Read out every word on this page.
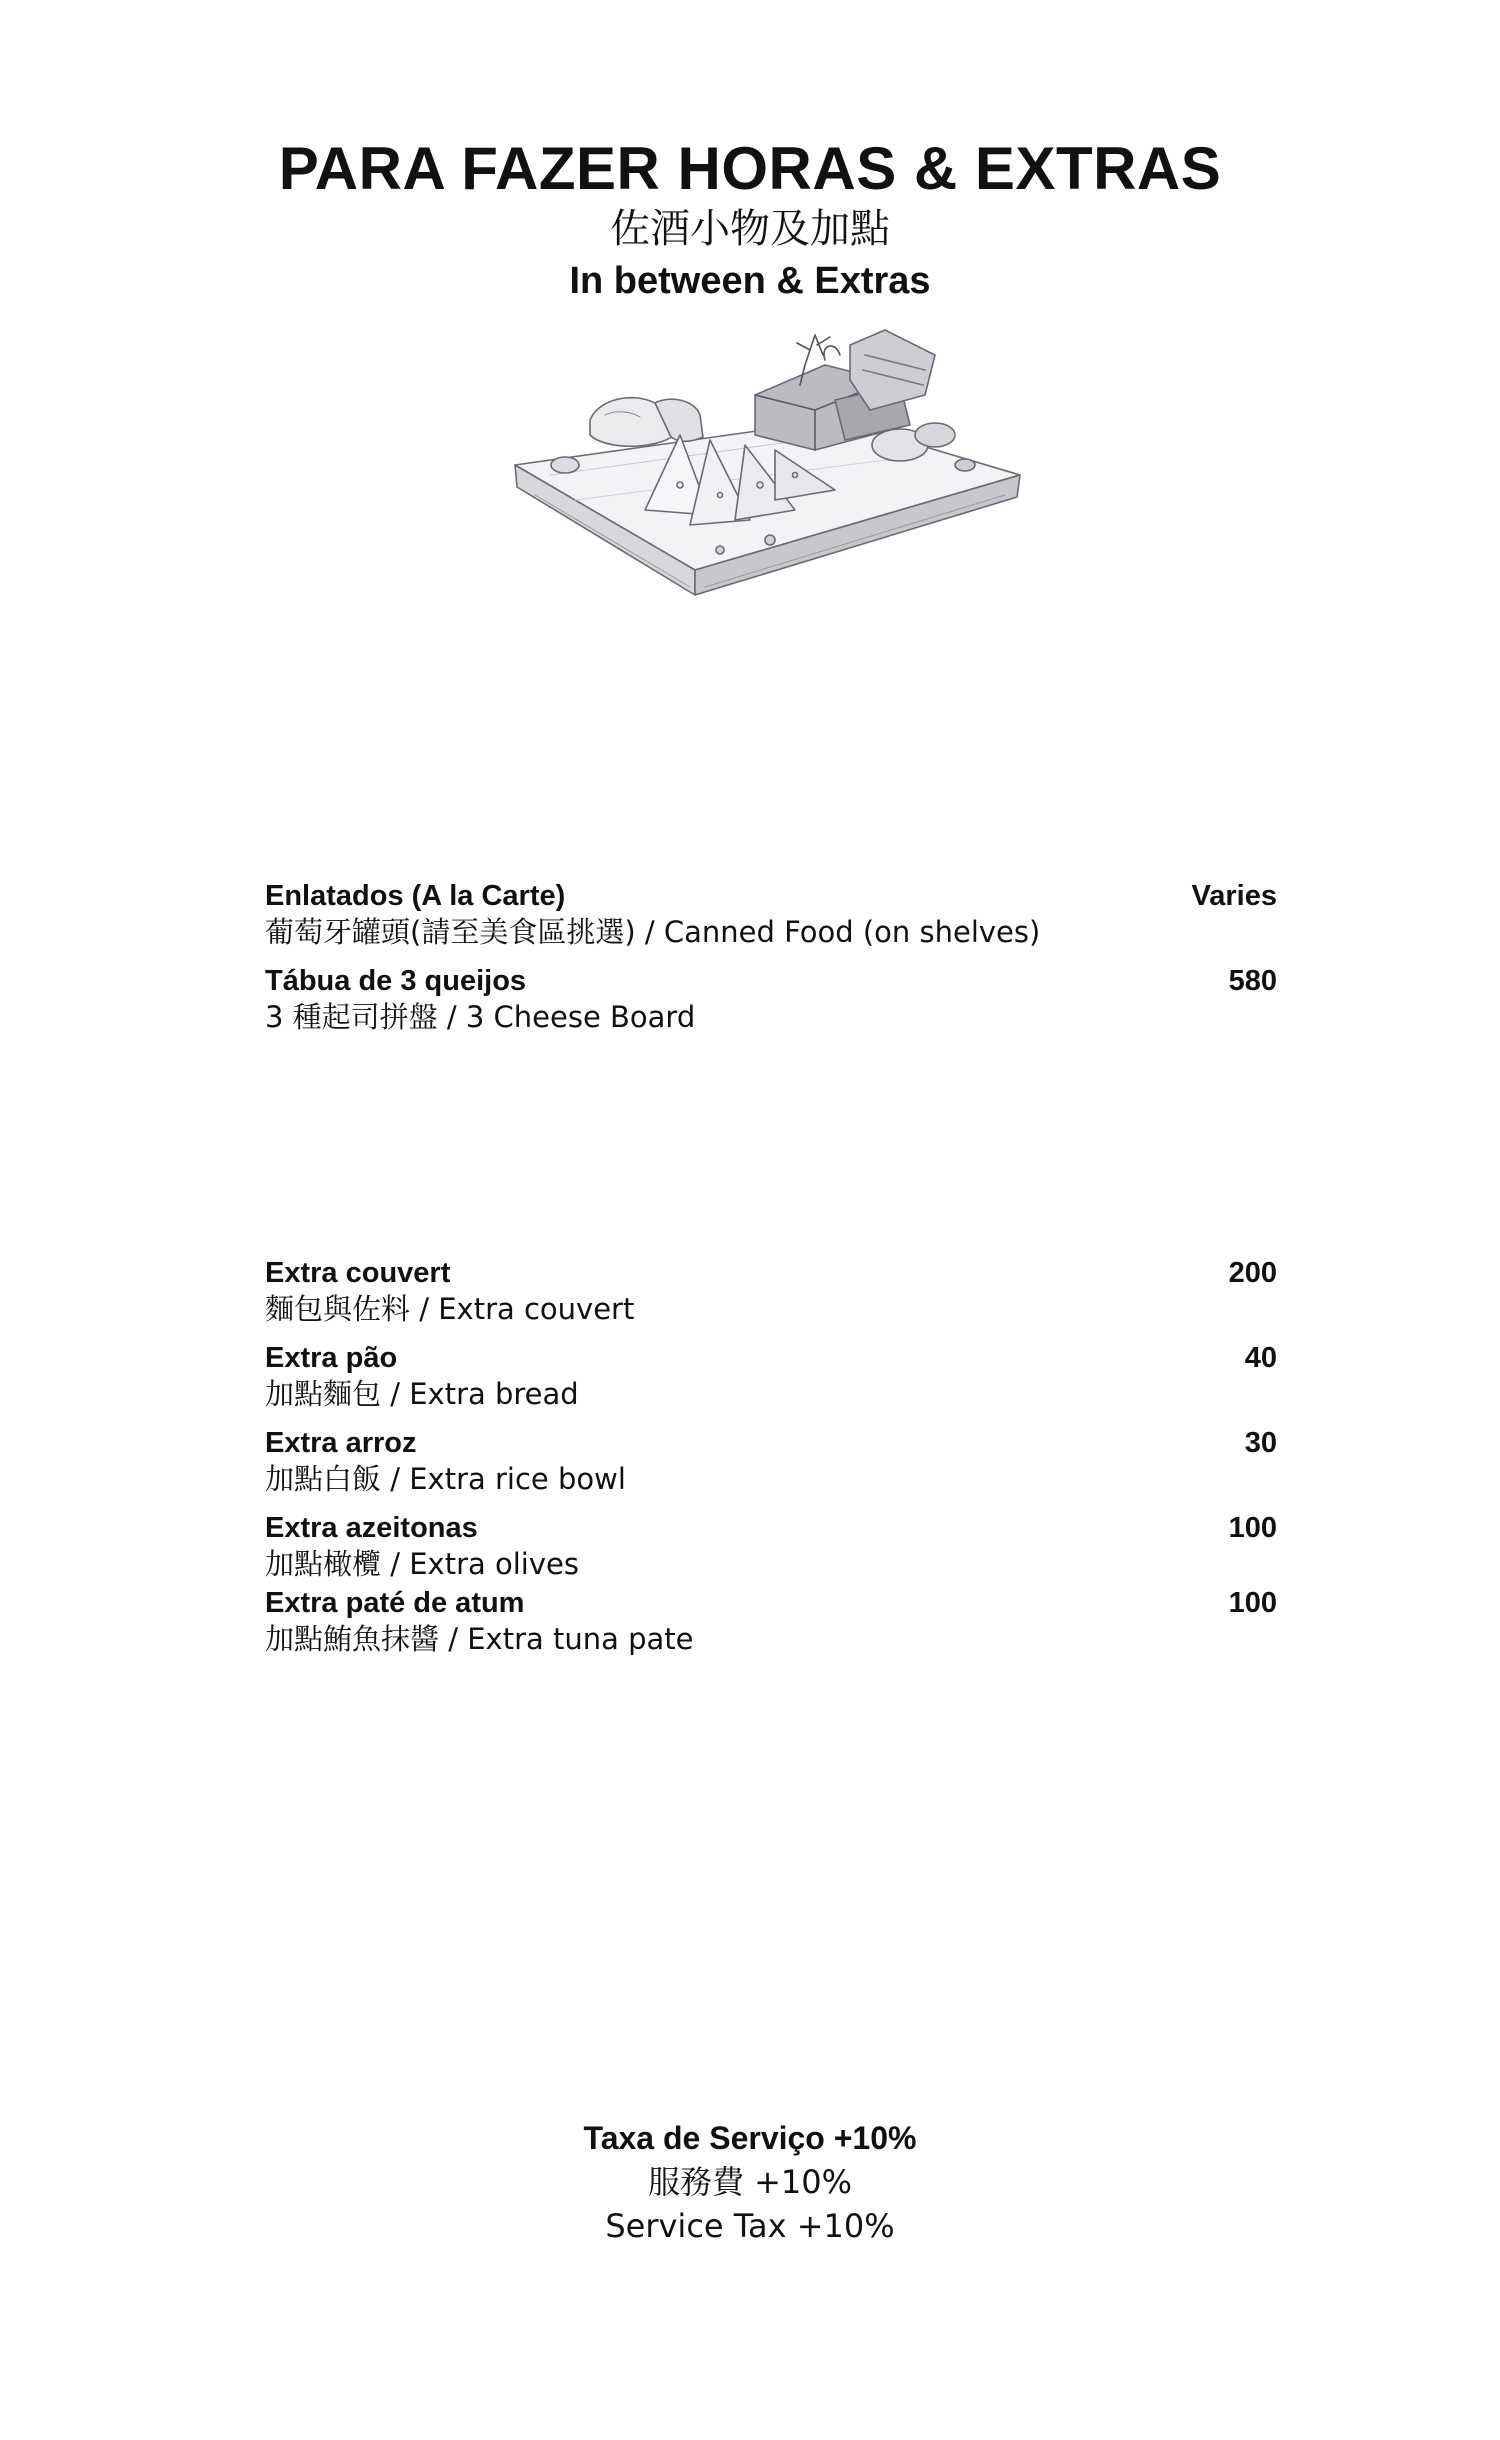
PARA FAZER HORAS & EXTRAS
佐酒小物及加點
In between & Extras
Enlatados (A la Carte)	Varies
葡萄牙罐頭(請至美食區挑選) / Canned Food (on shelves)
Tábua de 3 queijos	580
3 種起司拼盤 / 3 Cheese Board
Extra couvert	200
麵包與佐料 / Extra couvert
Extra pão	40
加點麵包 / Extra bread
Extra arroz	30
加點白飯 / Extra rice bowl
Extra azeitonas	100
加點橄欖 / Extra olives
Extra paté de atum	100
加點鮪魚抹醬 / Extra tuna pate
Taxa de Serviço +10%
服務費 +10%
Service Tax +10%
